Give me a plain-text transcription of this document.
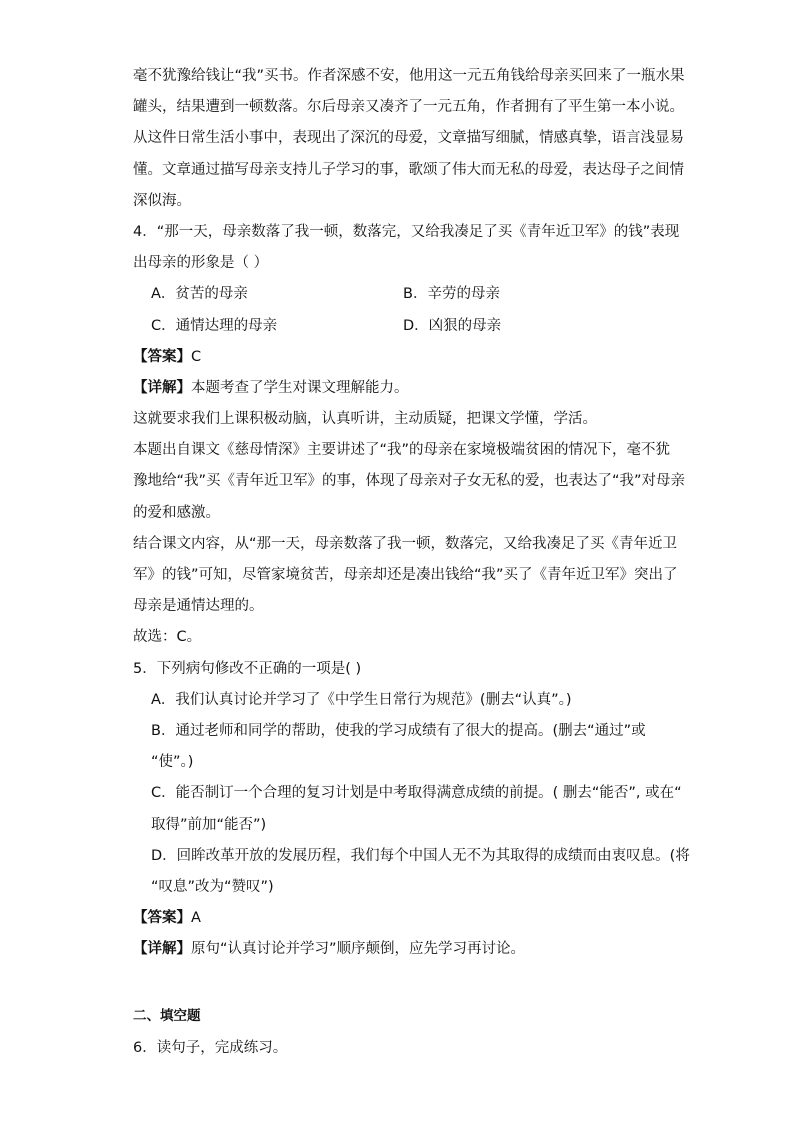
毫不犹豫给钱让“我”买书。作者深感不安，他用这一元五角钱给母亲买回来了一瓶水果
罐头，结果遭到一顿数落。尔后母亲又凑齐了一元五角，作者拥有了平生第一本小说。
从这件日常生活小事中，表现出了深沉的母爱，文章描写细腻，情感真挚，语言浅显易
懂。文章通过描写母亲支持儿子学习的事，歌颂了伟大而无私的母爱，表达母子之间情
深似海。
4．“那一天，母亲数落了我一顿，数落完，又给我凑足了买《青年近卫军》的钱”表现
出母亲的形象是（ ）
A．贫苦的母亲	B．辛劳的母亲
C．通情达理的母亲	D．凶狠的母亲
【答案】C
【详解】本题考查了学生对课文理解能力。
这就要求我们上课积极动脑，认真听讲，主动质疑，把课文学懂，学活。
本题出自课文《慈母情深》主要讲述了“我”的母亲在家境极端贫困的情况下，毫不犹
豫地给“我”买《青年近卫军》的事，体现了母亲对子女无私的爱，也表达了“我”对母亲
的爱和感激。
结合课文内容，从“那一天，母亲数落了我一顿，数落完，又给我凑足了买《青年近卫
军》的钱”可知，尽管家境贫苦，母亲却还是凑出钱给“我”买了《青年近卫军》突出了
母亲是通情达理的。
故选：C。
5．下列病句修改不正确的一项是( )
A．我们认真讨论并学习了《中学生日常行为规范》(删去“认真”。)
B．通过老师和同学的帮助，使我的学习成绩有了很大的提高。(删去“通过”或
“使”。)
C．能否制订一个合理的复习计划是中考取得满意成绩的前提。( 删去“能否”, 或在“
取得”前加“能否”)
D．回眸改革开放的发展历程，我们每个中国人无不为其取得的成绩而由衷叹息。(将
“叹息”改为“赞叹”)
【答案】A
【详解】原句“认真讨论并学习”顺序颠倒，应先学习再讨论。
二、填空题
6．读句子，完成练习。
